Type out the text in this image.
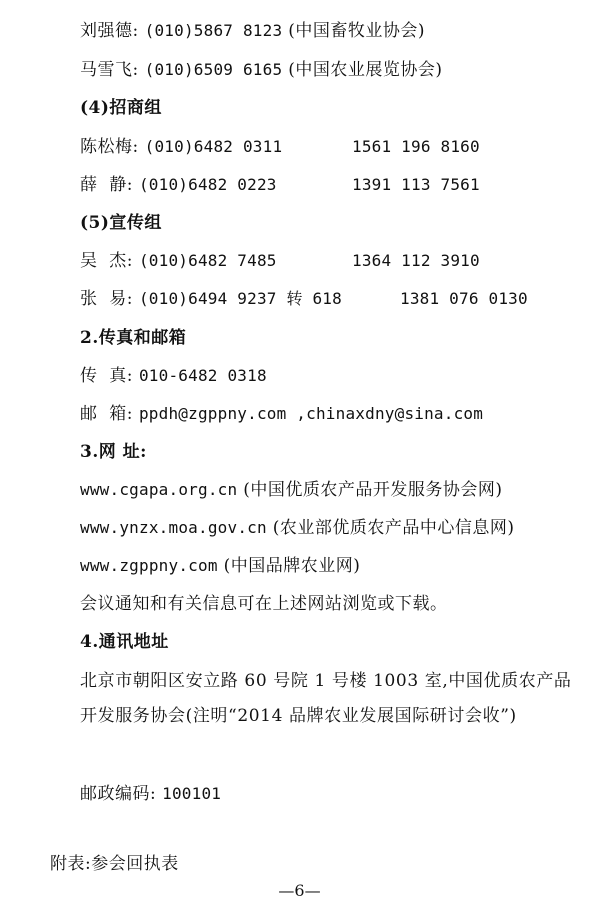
刘强德: (010)5867 8123 (中国畜牧业协会)
马雪飞: (010)6509 6165 (中国农业展览协会)
(4)招商组
陈松梅: (010)6482 0311	1561 196 8160
薛  静: (010)6482 0223	1391 113 7561
(5)宣传组
吴  杰: (010)6482 7485	1364 112 3910
张  易: (010)6494 9237 转 618	1381 076 0130
2.传真和邮箱
传  真: 010-6482 0318
邮  箱: ppdh@zgppny.com ,chinaxdny@sina.com
3.网 址:
www.cgapa.org.cn (中国优质农产品开发服务协会网)
www.ynzx.moa.gov.cn (农业部优质农产品中心信息网)
www.zgppny.com (中国品牌农业网)
会议通知和有关信息可在上述网站浏览或下载。
4.通讯地址
北京市朝阳区安立路 60 号院 1 号楼 1003 室,中国优质农产品开发服务协会(注明“2014 品牌农业发展国际研讨会收”)
邮政编码: 100101
附表:参会回执表
—6—
